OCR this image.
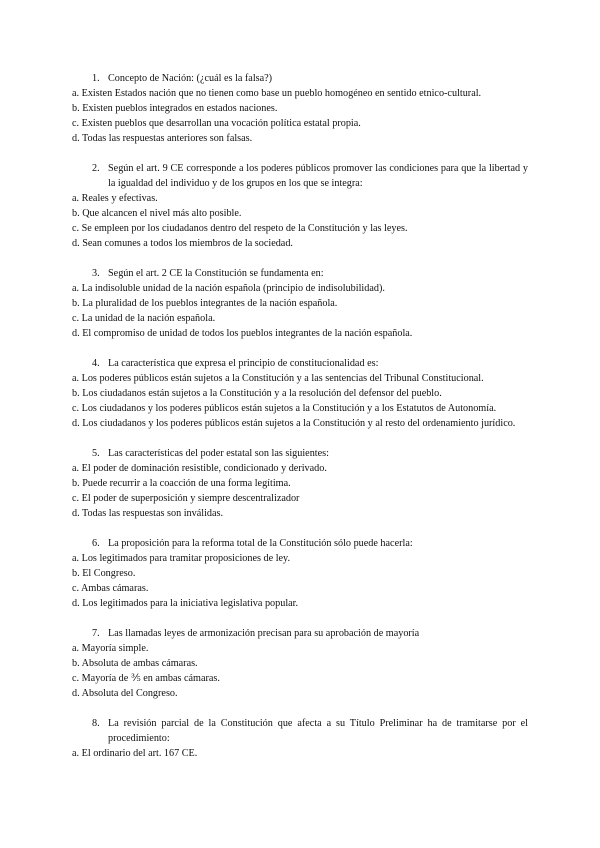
1. Concepto de Nación: (¿cuál es la falsa?)
a. Existen Estados nación que no tienen como base un pueblo homogéneo en sentido etnico-cultural.
b. Existen pueblos integrados en estados naciones.
c. Existen pueblos que desarrollan una vocación política estatal propia.
d. Todas las respuestas anteriores son falsas.
2. Según el art. 9 CE corresponde a los poderes públicos promover las condiciones para que la libertad y la igualdad del individuo y de los grupos en los que se integra:
a. Reales y efectivas.
b. Que alcancen el nivel más alto posible.
c. Se empleen por los ciudadanos dentro del respeto de la Constitución y las leyes.
d. Sean comunes a todos los miembros de la sociedad.
3. Según el art. 2 CE la Constitución se fundamenta en:
a. La indisoluble unidad de la nación española (principio de indisolubilidad).
b. La pluralidad de los pueblos integrantes de la nación española.
c. La unidad de la nación española.
d. El compromiso de unidad de todos los pueblos integrantes de la nación española.
4. La característica que expresa el principio de constitucionalidad es:
a. Los poderes públicos están sujetos a la Constitución y a las sentencias del Tribunal Constitucional.
b. Los ciudadanos están sujetos a la Constitución y a la resolución del defensor del pueblo.
c. Los ciudadanos y los poderes públicos están sujetos a la Constitución y a los Estatutos de Autonomía.
d. Los ciudadanos y los poderes públicos están sujetos a la Constitución y al resto del ordenamiento jurídico.
5. Las características del poder estatal son las siguientes:
a. El poder de dominación resistible, condicionado y derivado.
b. Puede recurrir a la coacción de una forma legítima.
c. El poder de superposición y siempre descentralizador
d. Todas las respuestas son inválidas.
6. La proposición para la reforma total de la Constitución sólo puede hacerla:
a. Los legitimados para tramitar proposiciones de ley.
b. El Congreso.
c. Ambas cámaras.
d. Los legitimados para la iniciativa legislativa popular.
7. Las llamadas leyes de armonización precisan para su aprobación de mayoría
a. Mayoría simple.
b. Absoluta de ambas cámaras.
c. Mayoría de ⅗ en ambas cámaras.
d. Absoluta del Congreso.
8. La revisión parcial de la Constitución que afecta a su Título Preliminar ha de tramitarse por el procedimiento:
a. El ordinario del art. 167 CE.
